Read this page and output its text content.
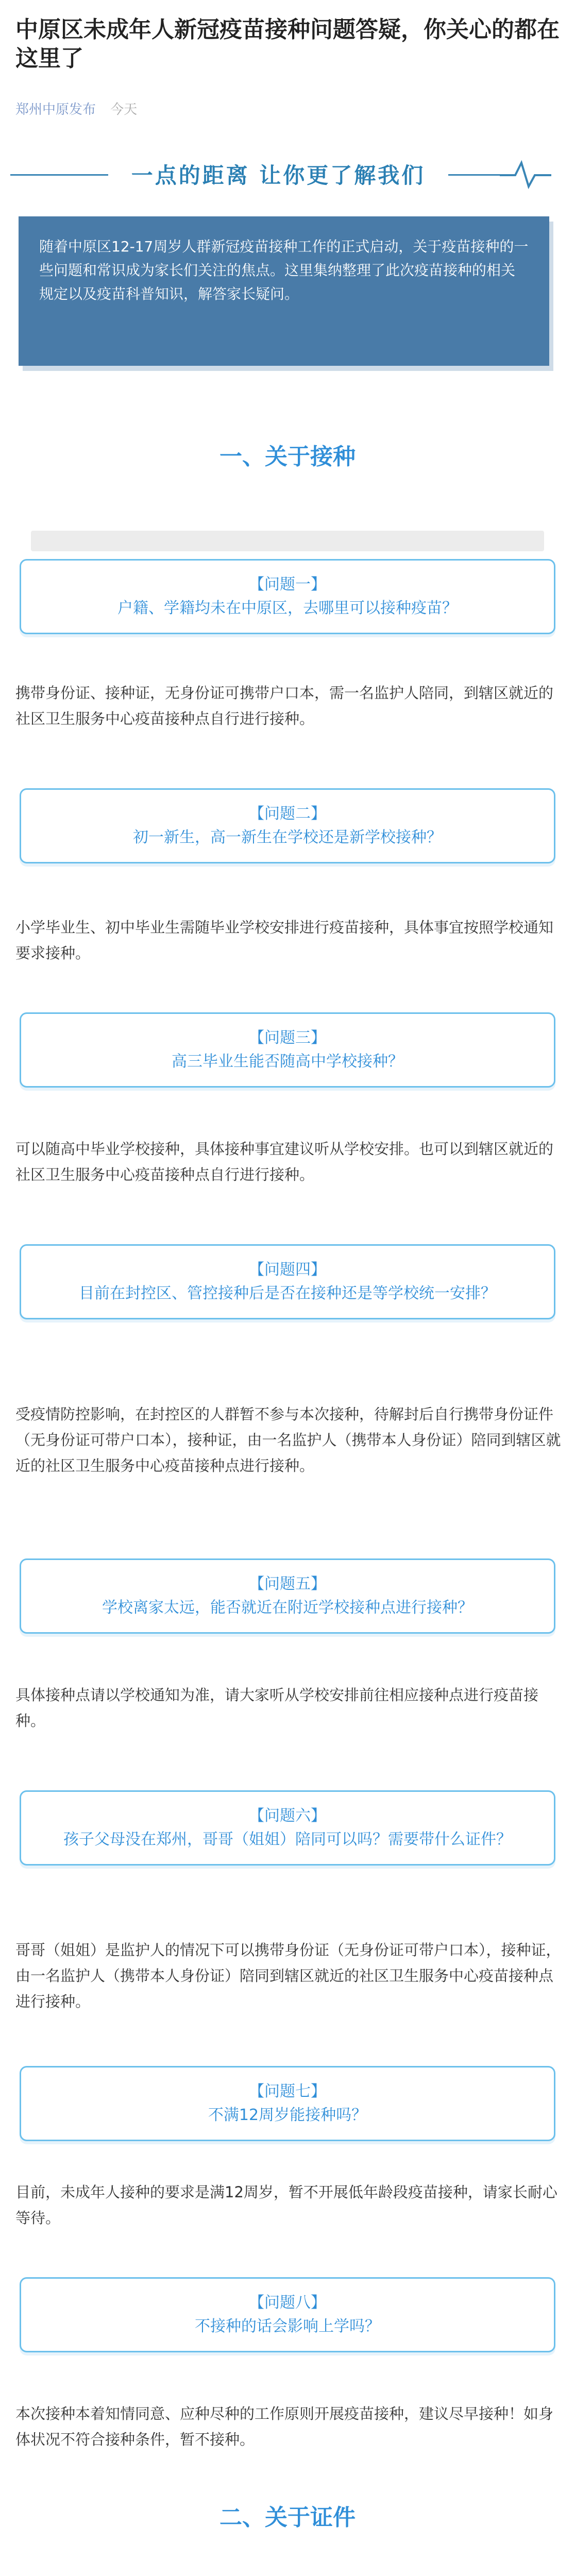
中原区未成年人新冠疫苗接种问题答疑，你关心的都在这里了
郑州中原发布 今天
一点的距离 让你更了解我们
随着中原区12-17周岁人群新冠疫苗接种工作的正式启动，关于疫苗接种的一些问题和常识成为家长们关注的焦点。这里集纳整理了此次疫苗接种的相关规定以及疫苗科普知识，解答家长疑问。
一、关于接种
【问题一】
户籍、学籍均未在中原区，去哪里可以接种疫苗？
携带身份证、接种证，无身份证可携带户口本，需一名监护人陪同，到辖区就近的社区卫生服务中心疫苗接种点自行进行接种。
【问题二】
初一新生，高一新生在学校还是新学校接种？
小学毕业生、初中毕业生需随毕业学校安排进行疫苗接种，具体事宜按照学校通知要求接种。
【问题三】
高三毕业生能否随高中学校接种？
可以随高中毕业学校接种，具体接种事宜建议听从学校安排。也可以到辖区就近的社区卫生服务中心疫苗接种点自行进行接种。
【问题四】
目前在封控区、管控接种后是否在接种还是等学校统一安排？
受疫情防控影响，在封控区的人群暂不参与本次接种，待解封后自行携带身份证件（无身份证可带户口本），接种证，由一名监护人（携带本人身份证）陪同到辖区就近的社区卫生服务中心疫苗接种点进行接种。
【问题五】
学校离家太远，能否就近在附近学校接种点进行接种？
具体接种点请以学校通知为准，请大家听从学校安排前往相应接种点进行疫苗接种。
【问题六】
孩子父母没在郑州，哥哥（姐姐）陪同可以吗？需要带什么证件？
哥哥（姐姐）是监护人的情况下可以携带身份证（无身份证可带户口本），接种证，由一名监护人（携带本人身份证）陪同到辖区就近的社区卫生服务中心疫苗接种点进行接种。
【问题七】
不满12周岁能接种吗？
目前，未成年人接种的要求是满12周岁，暂不开展低年龄段疫苗接种，请家长耐心等待。
【问题八】
不接种的话会影响上学吗？
本次接种本着知情同意、应种尽种的工作原则开展疫苗接种，建议尽早接种！如身体状况不符合接种条件，暂不接种。
二、关于证件
